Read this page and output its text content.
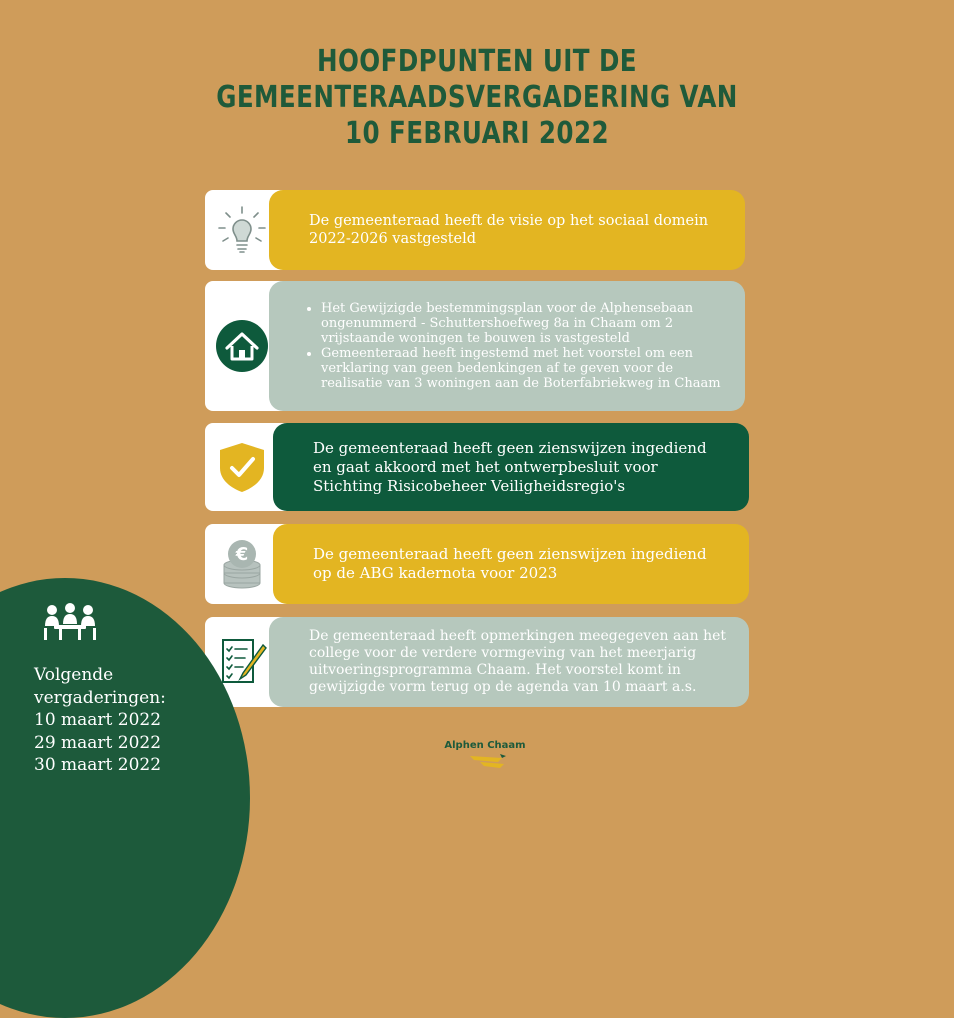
HOOFDPUNTEN UIT DE
GEMEENTERAADSVERGADERING VAN
10 FEBRUARI 2022
De gemeenteraad heeft de visie op het sociaal domein 2022-2026 vastgesteld
• Het Gewijzigde bestemmingsplan voor de Alphensebaan ongenummerd - Schuttershoefweg 8a in Chaam om 2 vrijstaande woningen te bouwen is vastgesteld
• Gemeenteraad heeft ingestemd met het voorstel om een verklaring van geen bedenkingen af te geven voor de realisatie van 3 woningen aan de Boterfabriekweg in Chaam
De gemeenteraad heeft geen zienswijzen ingediend en gaat akkoord met het ontwerpbesluit voor Stichting Risicobeheer Veiligheidsregio's
€	De gemeenteraad heeft geen zienswijzen ingediend op de ABG kadernota voor 2023
De gemeenteraad heeft opmerkingen meegegeven aan het college voor de verdere vormgeving van het meerjarig uitvoeringsprogramma Chaam. Het voorstel komt in gewijzigde vorm terug op de agenda van 10 maart a.s.
Volgende
vergaderingen:
10 maart 2022
29 maart 2022
30 maart 2022
Alphen Chaam
